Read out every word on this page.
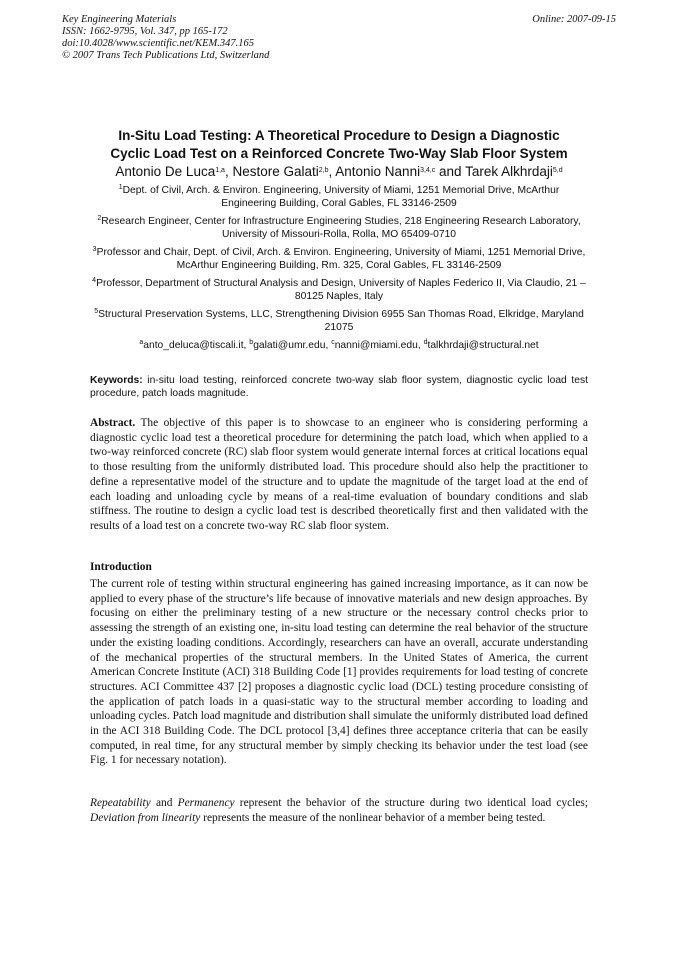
Key Engineering Materials
ISSN: 1662-9795, Vol. 347, pp 165-172
doi:10.4028/www.scientific.net/KEM.347.165
© 2007 Trans Tech Publications Ltd, Switzerland
Online: 2007-09-15
In-Situ Load Testing: A Theoretical Procedure to Design a Diagnostic
Cyclic Load Test on a Reinforced Concrete Two-Way Slab Floor System
Antonio De Luca$^{1,a}$, Nestore Galati$^{2,b}$, Antonio Nanni$^{3,4,c}$ and Tarek Alkhrdaji$^{5,d}$
$^1$Dept. of Civil, Arch. & Environ. Engineering, University of Miami, 1251 Memorial Drive, McArthur Engineering Building, Coral Gables, FL 33146-2509
$^2$Research Engineer, Center for Infrastructure Engineering Studies, 218 Engineering Research Laboratory, University of Missouri-Rolla, Rolla, MO 65409-0710
$^3$Professor and Chair, Dept. of Civil, Arch. & Environ. Engineering, University of Miami, 1251 Memorial Drive, McArthur Engineering Building, Rm. 325, Coral Gables, FL 33146-2509
$^4$Professor, Department of Structural Analysis and Design, University of Naples Federico II, Via Claudio, 21 – 80125 Naples, Italy
$^5$Structural Preservation Systems, LLC, Strengthening Division 6955 San Thomas Road, Elkridge, Maryland 21075
$^a$anto_deluca@tiscali.it, $^b$galati@umr.edu, $^c$nanni@miami.edu, $^d$talkhrdaji@structural.net
Keywords: in-situ load testing, reinforced concrete two-way slab floor system, diagnostic cyclic load test procedure, patch loads magnitude.
Abstract. The objective of this paper is to showcase to an engineer who is considering performing a diagnostic cyclic load test a theoretical procedure for determining the patch load, which when applied to a two-way reinforced concrete (RC) slab floor system would generate internal forces at critical locations equal to those resulting from the uniformly distributed load. This procedure should also help the practitioner to define a representative model of the structure and to update the magnitude of the target load at the end of each loading and unloading cycle by means of a real-time evaluation of boundary conditions and slab stiffness. The routine to design a cyclic load test is described theoretically first and then validated with the results of a load test on a concrete two-way RC slab floor system.
Introduction
The current role of testing within structural engineering has gained increasing importance, as it can now be applied to every phase of the structure’s life because of innovative materials and new design approaches. By focusing on either the preliminary testing of a new structure or the necessary control checks prior to assessing the strength of an existing one, in-situ load testing can determine the real behavior of the structure under the existing loading conditions. Accordingly, researchers can have an overall, accurate understanding of the mechanical properties of the structural members. In the United States of America, the current American Concrete Institute (ACI) 318 Building Code [1] provides requirements for load testing of concrete structures. ACI Committee 437 [2] proposes a diagnostic cyclic load (DCL) testing procedure consisting of the application of patch loads in a quasi-static way to the structural member according to loading and unloading cycles. Patch load magnitude and distribution shall simulate the uniformly distributed load defined in the ACI 318 Building Code. The DCL protocol [3,4] defines three acceptance criteria that can be easily computed, in real time, for any structural member by simply checking its behavior under the test load (see Fig. 1 for necessary notation).
Repeatability and Permanency represent the behavior of the structure during two identical load cycles; Deviation from linearity represents the measure of the nonlinear behavior of a member being tested.
